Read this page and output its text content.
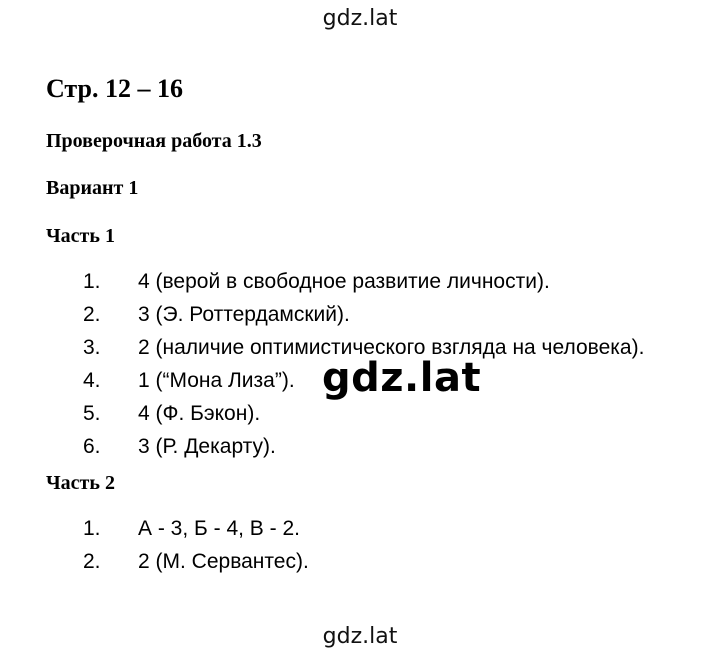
gdz.lat
Стр. 12 – 16
Проверочная работа 1.3
Вариант 1
Часть 1
1.	4 (верой в свободное развитие личности).
2.	3 (Э. Роттердамский).
3.	2 (наличие оптимистического взгляда на человека).
4.	1 (“Мона Лиза”).
5.	4 (Ф. Бэкон).
6.	3 (Р. Декарту).
gdz.lat
Часть 2
1.	А - 3, Б - 4, В - 2.
2.	2 (М. Сервантес).
gdz.lat
